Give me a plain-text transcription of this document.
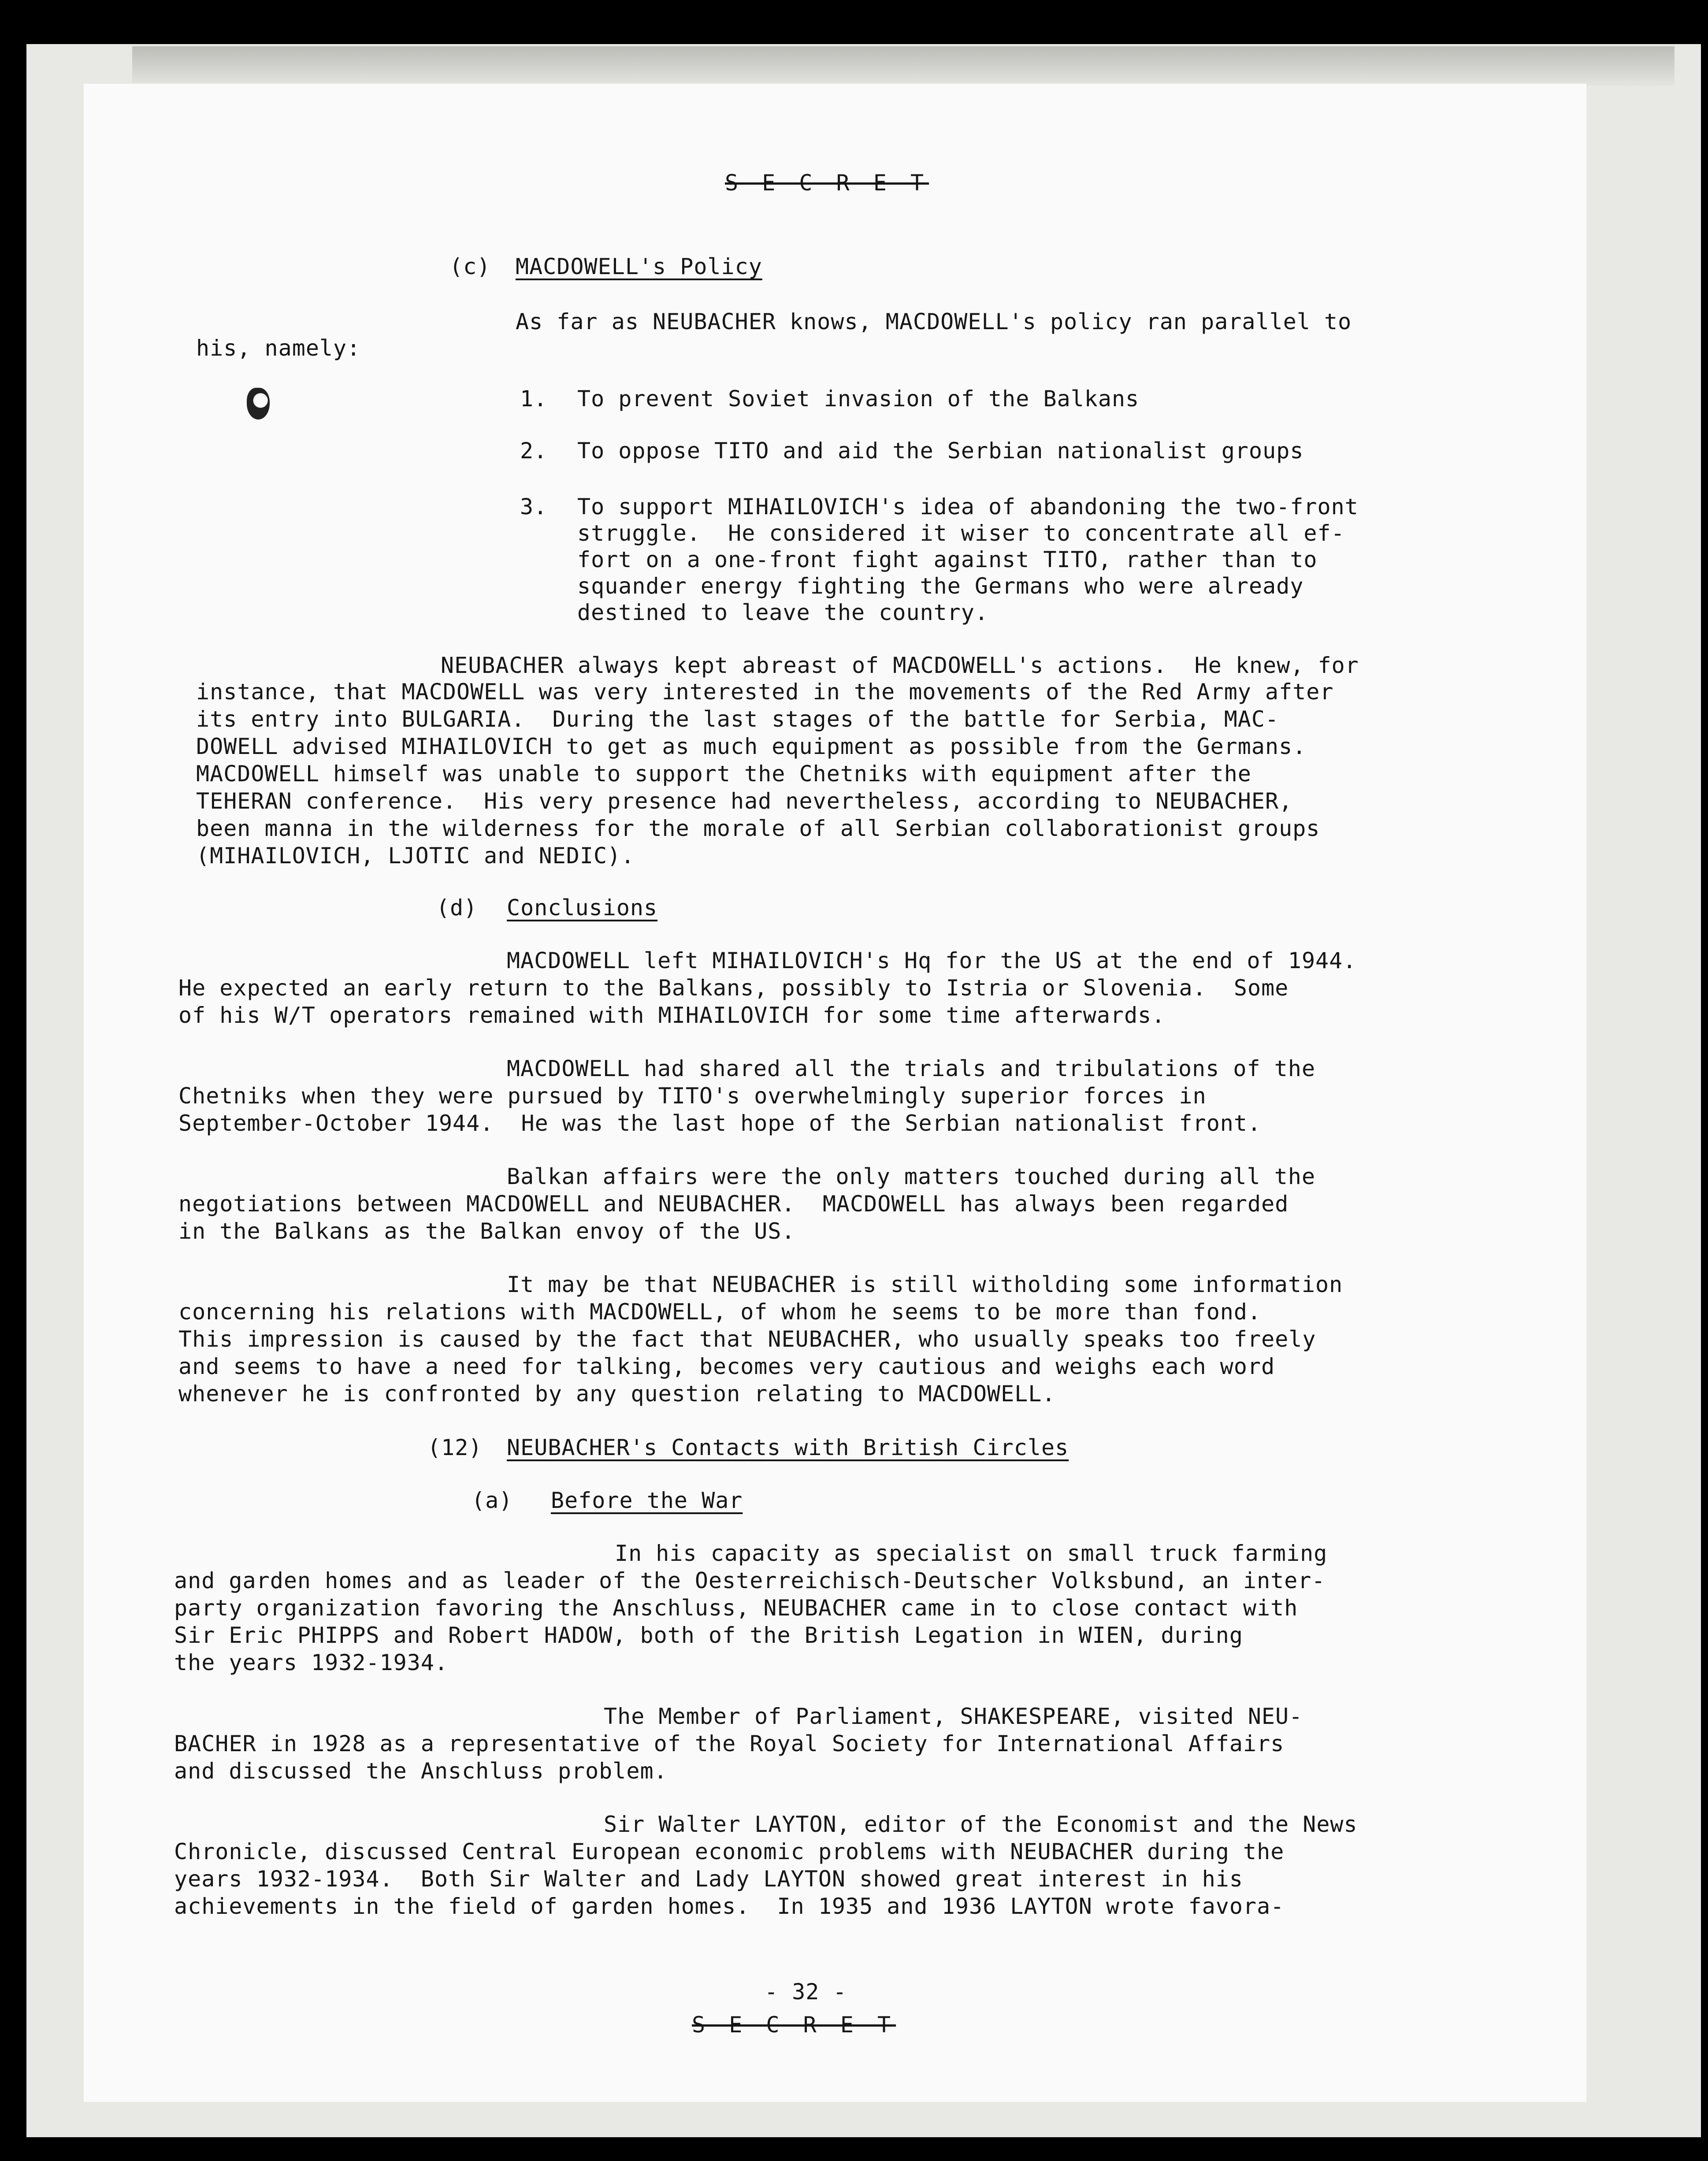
S E C R E T
(c) MACDOWELL's Policy
As far as NEUBACHER knows, MACDOWELL's policy ran parallel to
his, namely:
1. To prevent Soviet invasion of the Balkans
2. To oppose TITO and aid the Serbian nationalist groups
3. To support MIHAILOVICH's idea of abandoning the two-front
struggle.  He considered it wiser to concentrate all ef-
fort on a one-front fight against TITO, rather than to
squander energy fighting the Germans who were already
destined to leave the country.
NEUBACHER always kept abreast of MACDOWELL's actions.  He knew, for
instance, that MACDOWELL was very interested in the movements of the Red Army after
its entry into BULGARIA.  During the last stages of the battle for Serbia, MAC-
DOWELL advised MIHAILOVICH to get as much equipment as possible from the Germans.
MACDOWELL himself was unable to support the Chetniks with equipment after the
TEHERAN conference.  His very presence had nevertheless, according to NEUBACHER,
been manna in the wilderness for the morale of all Serbian collaborationist groups
(MIHAILOVICH, LJOTIC and NEDIC).
(d) Conclusions
MACDOWELL left MIHAILOVICH's Hq for the US at the end of 1944.
He expected an early return to the Balkans, possibly to Istria or Slovenia.  Some
of his W/T operators remained with MIHAILOVICH for some time afterwards.
MACDOWELL had shared all the trials and tribulations of the
Chetniks when they were pursued by TITO's overwhelmingly superior forces in
September-October 1944.  He was the last hope of the Serbian nationalist front.
Balkan affairs were the only matters touched during all the
negotiations between MACDOWELL and NEUBACHER.  MACDOWELL has always been regarded
in the Balkans as the Balkan envoy of the US.
It may be that NEUBACHER is still witholding some information
concerning his relations with MACDOWELL, of whom he seems to be more than fond.
This impression is caused by the fact that NEUBACHER, who usually speaks too freely
and seems to have a need for talking, becomes very cautious and weighs each word
whenever he is confronted by any question relating to MACDOWELL.
(12) NEUBACHER's Contacts with British Circles
(a) Before the War
In his capacity as specialist on small truck farming
and garden homes and as leader of the Oesterreichisch-Deutscher Volksbund, an inter-
party organization favoring the Anschluss, NEUBACHER came in to close contact with
Sir Eric PHIPPS and Robert HADOW, both of the British Legation in WIEN, during
the years 1932-1934.
The Member of Parliament, SHAKESPEARE, visited NEU-
BACHER in 1928 as a representative of the Royal Society for International Affairs
and discussed the Anschluss problem.
Sir Walter LAYTON, editor of the Economist and the News
Chronicle, discussed Central European economic problems with NEUBACHER during the
years 1932-1934.  Both Sir Walter and Lady LAYTON showed great interest in his
achievements in the field of garden homes.  In 1935 and 1936 LAYTON wrote favora-
- 32 -
S E C R E T
